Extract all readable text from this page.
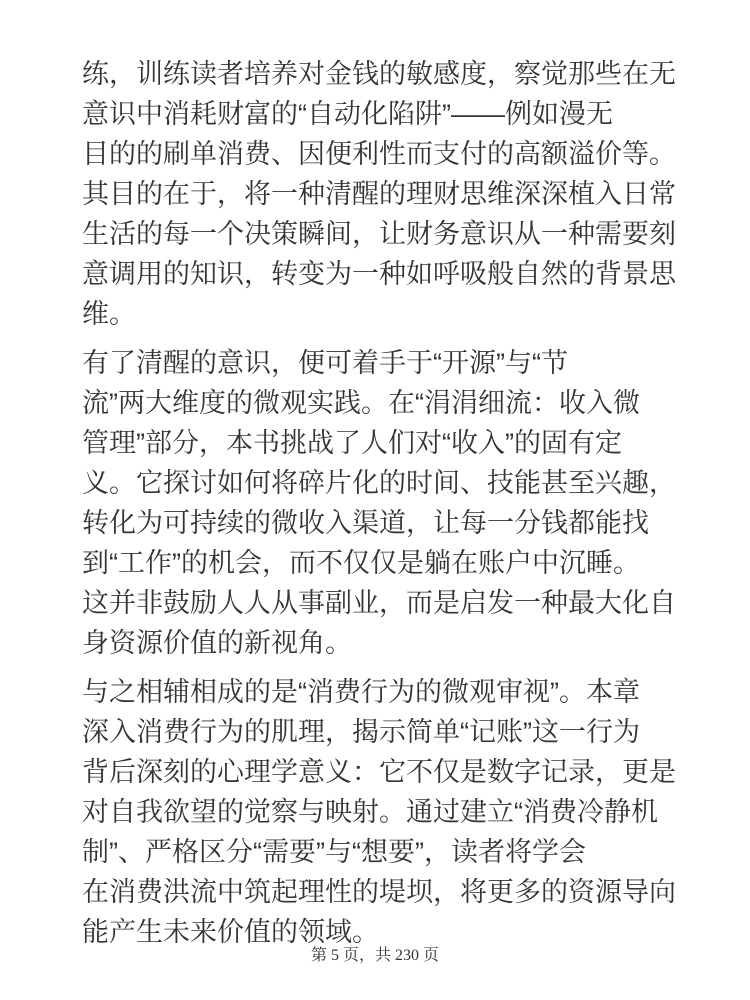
练，训练读者培养对金钱的敏感度，察觉那些在无
意识中消耗财富的“自动化陷阱”——例如漫无
目的的刷单消费、因便利性而支付的高额溢价等。
其目的在于，将一种清醒的理财思维深深植入日常
生活的每一个决策瞬间，让财务意识从一种需要刻
意调用的知识，转变为一种如呼吸般自然的背景思
维。
有了清醒的意识，便可着手于“开源”与“节
流”两大维度的微观实践。在“涓涓细流：收入微
管理”部分，本书挑战了人们对“收入”的固有定
义。它探讨如何将碎片化的时间、技能甚至兴趣，
转化为可持续的微收入渠道，让每一分钱都能找
到“工作”的机会，而不仅仅是躺在账户中沉睡。
这并非鼓励人人从事副业，而是启发一种最大化自
身资源价值的新视角。
与之相辅相成的是“消费行为的微观审视”。本章
深入消费行为的肌理，揭示简单“记账”这一行为
背后深刻的心理学意义：它不仅是数字记录，更是
对自我欲望的觉察与映射。通过建立“消费冷静机
制”、严格区分“需要”与“想要”，读者将学会
在消费洪流中筑起理性的堤坝，将更多的资源导向
能产生未来价值的领域。
第 5 页，共 230 页
